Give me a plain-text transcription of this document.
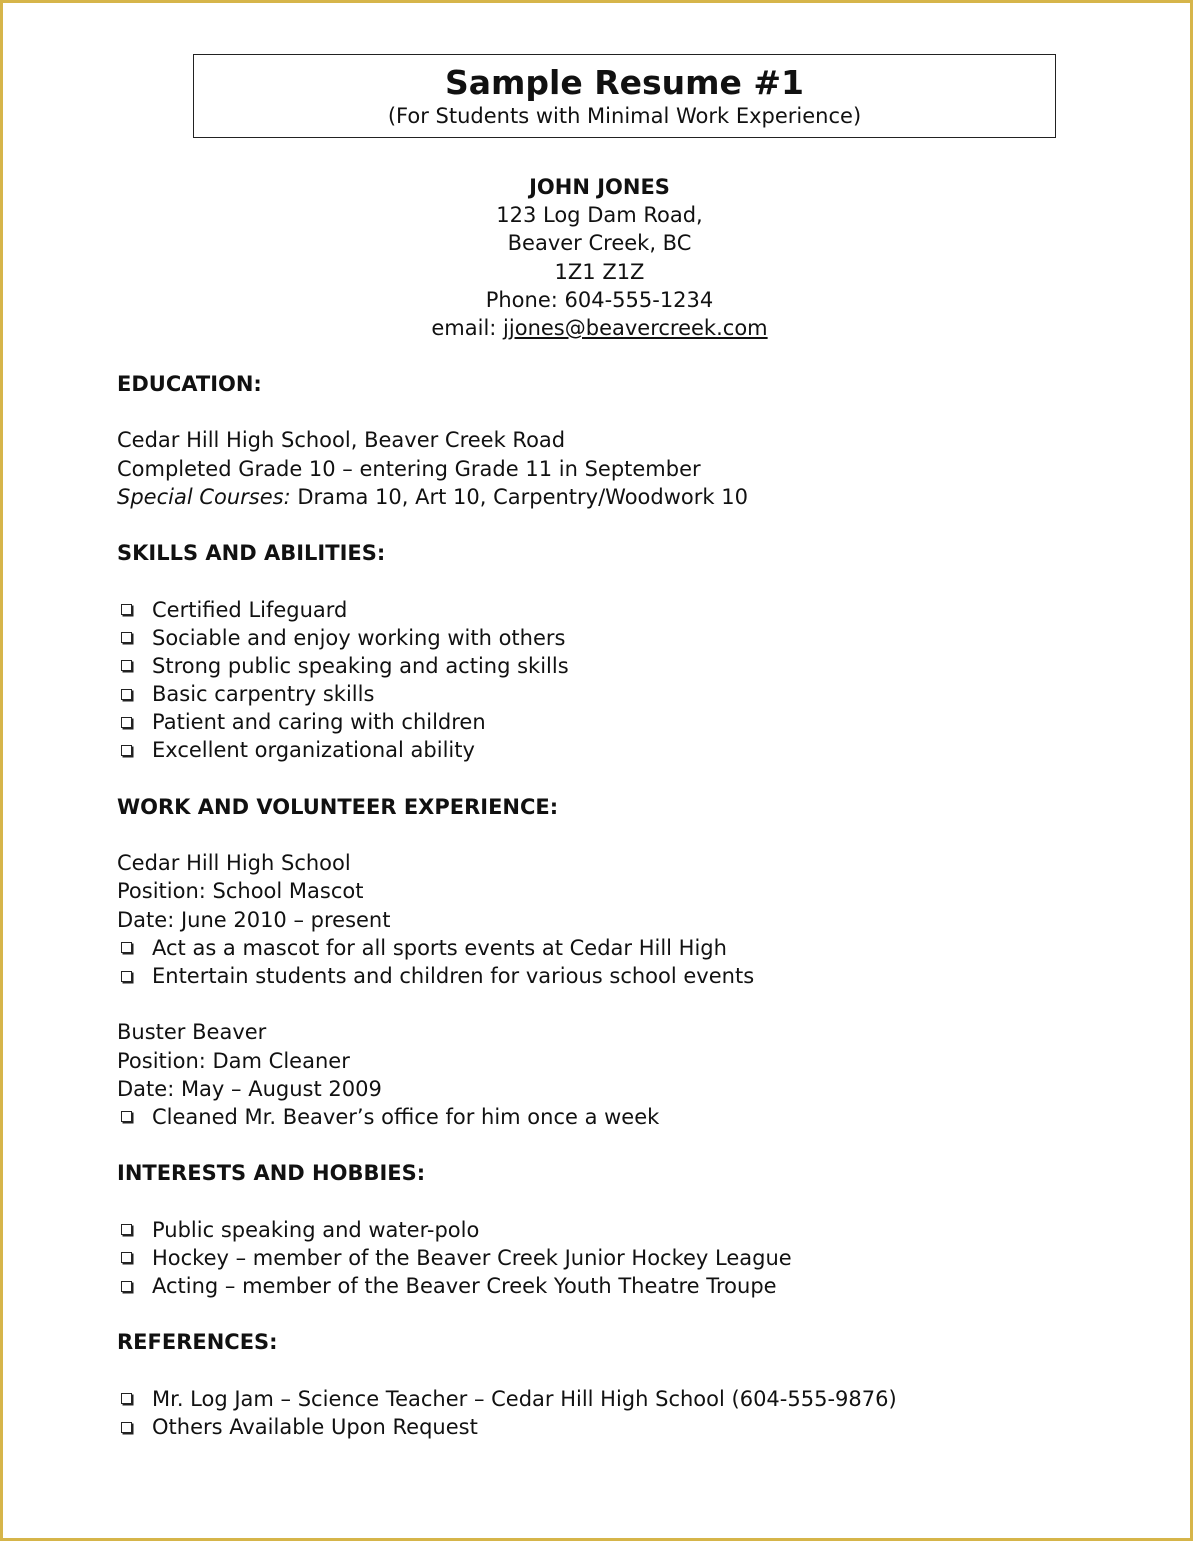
Sample Resume #1
(For Students with Minimal Work Experience)
JOHN JONES
123 Log Dam Road,
Beaver Creek, BC
1Z1 Z1Z
Phone: 604-555-1234
email: jjones@beavercreek.com
EDUCATION:
Cedar Hill High School, Beaver Creek Road
Completed Grade 10 – entering Grade 11 in September
Special Courses: Drama 10, Art 10, Carpentry/Woodwork 10
SKILLS AND ABILITIES:
Certified Lifeguard
Sociable and enjoy working with others
Strong public speaking and acting skills
Basic carpentry skills
Patient and caring with children
Excellent organizational ability
WORK AND VOLUNTEER EXPERIENCE:
Cedar Hill High School
Position: School Mascot
Date: June 2010 – present
Act as a mascot for all sports events at Cedar Hill High
Entertain students and children for various school events
Buster Beaver
Position: Dam Cleaner
Date: May – August 2009
Cleaned Mr. Beaver’s office for him once a week
INTERESTS AND HOBBIES:
Public speaking and water-polo
Hockey – member of the Beaver Creek Junior Hockey League
Acting – member of the Beaver Creek Youth Theatre Troupe
REFERENCES:
Mr. Log Jam – Science Teacher – Cedar Hill High School (604-555-9876)
Others Available Upon Request
